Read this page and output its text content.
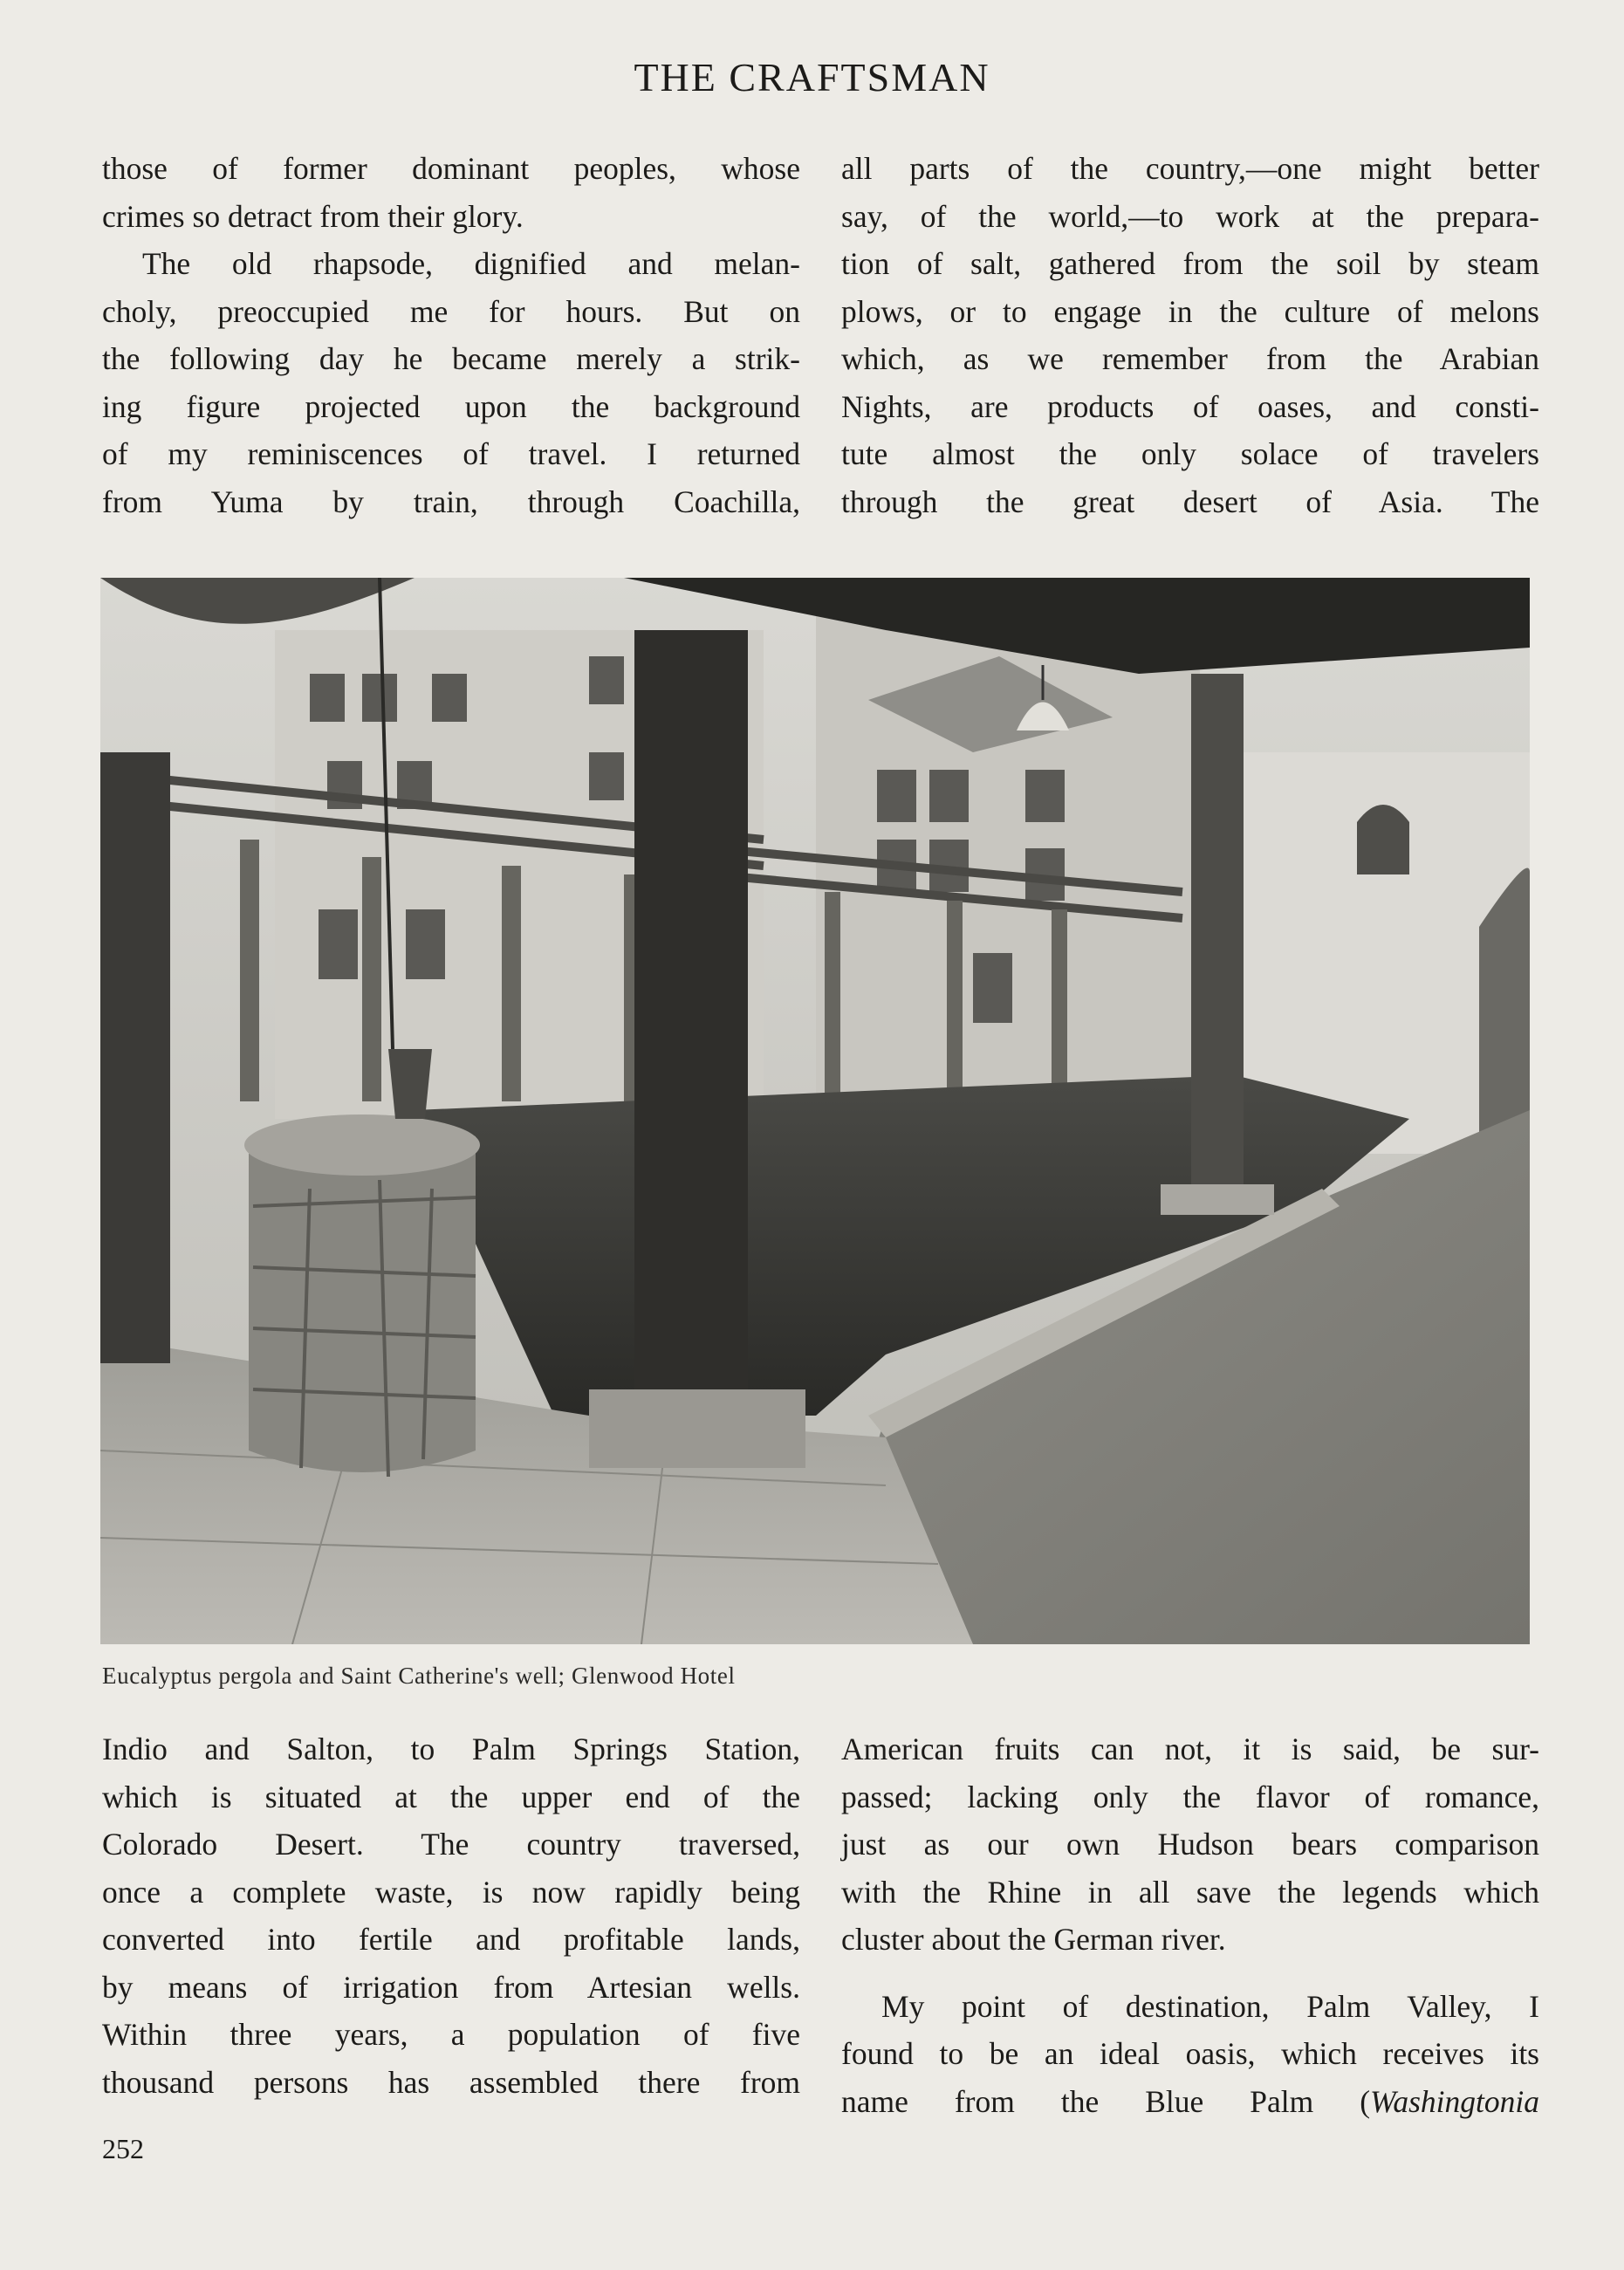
THE CRAFTSMAN

those of former dominant peoples, whose
crimes so detract from their glory.

The old rhapsode, dignified and melan-
choly, preoccupied me for hours. But on
the following day he became merely a strik-
ing figure projected upon the background
of my reminiscences of travel. I returned
from Yuma by train, through Coachilla,

all parts of the country,—one might better
say, of the world,—to work at the prepara-
tion of salt, gathered from the soil by steam
plows, or to engage in the culture of melons
which, as we remember from the Arabian
Nights, are products of oases, and consti-
tute almost the only solace of travelers
through the great desert of Asia. The

Eucalyptus pergola and Saint Catherine's well; Glenwood Hotel

Indio and Salton, to Palm Springs Station,
which is situated at the upper end of the
Colorado Desert. The country traversed,
once a complete waste, is now rapidly being
converted into fertile and profitable lands,
by means of irrigation from Artesian wells.
Within three years, a population of five
thousand persons has assembled there from

American fruits can not, it is said, be sur-
passed; lacking only the flavor of romance,
just as our own Hudson bears comparison
with the Rhine in all save the legends which
cluster about the German river.

My point of destination, Palm Valley, I
found to be an ideal oasis, which receives its
name from the Blue Palm (Washingtonia

252
